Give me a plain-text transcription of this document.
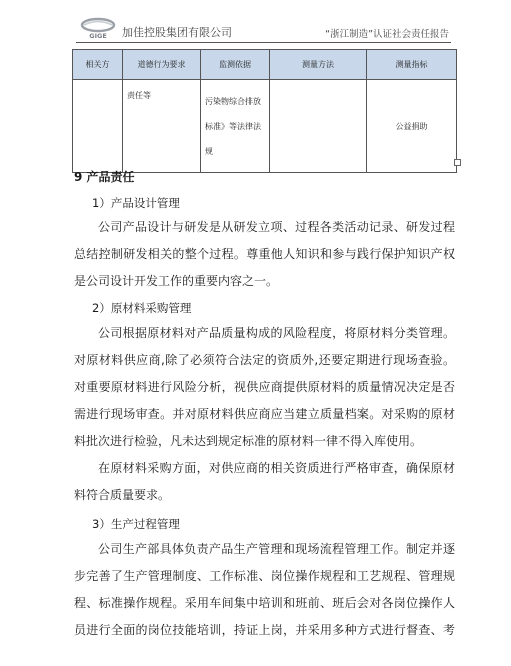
GIGE 加佳控股集团有限公司	“浙江制造”认证社会责任报告
相关方	道德行为要求	监测依据	测量方法	测量指标
	责任等	污染物综合排放标准》等法律法规		公益捐助
9 产品责任
1）产品设计管理

公司产品设计与研发是从研发立项、过程各类活动记录、研发过程
总结控制研发相关的整个过程。尊重他人知识和参与践行保护知识产权
是公司设计开发工作的重要内容之一。

2）原材料采购管理

公司根据原材料对产品质量构成的风险程度，将原材料分类管理。
对原材料供应商,除了必须符合法定的资质外,还要定期进行现场查验。
对重要原材料进行风险分析，视供应商提供原材料的质量情况决定是否
需进行现场审查。并对原材料供应商应当建立质量档案。对采购的原材
料批次进行检验，凡未达到规定标准的原材料一律不得入库使用。

在原材料采购方面，对供应商的相关资质进行严格审查，确保原材
料符合质量要求。

3）生产过程管理

公司生产部具体负责产品生产管理和现场流程管理工作。制定并逐
步完善了生产管理制度、工作标准、岗位操作规程和工艺规程、管理规
程、标准操作规程。采用车间集中培训和班前、班后会对各岗位操作人
员进行全面的岗位技能培训，持证上岗，并采用多种方式进行督查、考
